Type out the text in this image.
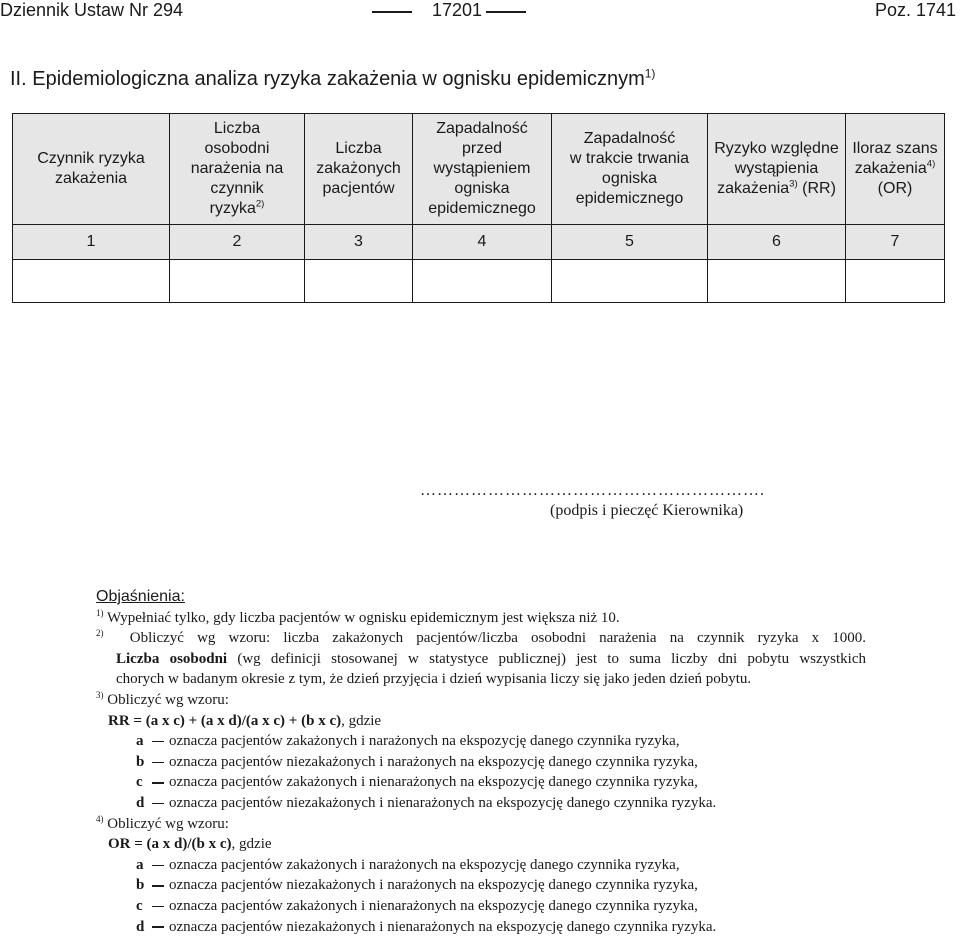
Dziennik Ustaw Nr 294	17201	Poz. 1741
II. Epidemiologiczna analiza ryzyka zakażenia w ognisku epidemicznym$^{1)}$
Czynnik ryzyka
zakażenia	Liczba
osobodni
narażenia na
czynnik
ryzyka$^{2)}$	Liczba
zakażonych
pacjentów	Zapadalność
przed
wystąpieniem
ogniska
epidemicznego	Zapadalność
w trakcie trwania
ogniska
epidemicznego	Ryzyko względne
wystąpienia
zakażenia$^{3)}$ (RR)	Iloraz szans
zakażenia$^{4)}$
(OR)
1	2	3	4	5	6	7

…………………………………………………….
(podpis i pieczęć Kierownika)
Objaśnienia:
$^{1)}$ Wypełniać tylko, gdy liczba pacjentów w ognisku epidemicznym jest większa niż 10.
$^{2)}$ Obliczyć wg wzoru: liczba zakażonych pacjentów/liczba osobodni narażenia na czynnik ryzyka x 1000.
Liczba osobodni (wg definicji stosowanej w statystyce publicznej) jest to suma liczby dni pobytu wszystkich
chorych w badanym okresie z tym, że dzień przyjęcia i dzień wypisania liczy się jako jeden dzień pobytu.
$^{3)}$ Obliczyć wg wzoru:
RR = (a x c) + (a x d)/(a x c) + (b x c), gdzie
a oznacza pacjentów zakażonych i narażonych na ekspozycję danego czynnika ryzyka,
b oznacza pacjentów niezakażonych i narażonych na ekspozycję danego czynnika ryzyka,
c oznacza pacjentów zakażonych i nienarażonych na ekspozycję danego czynnika ryzyka,
d oznacza pacjentów niezakażonych i nienarażonych na ekspozycję danego czynnika ryzyka.
$^{4)}$ Obliczyć wg wzoru:
OR = (a x d)/(b x c), gdzie
a oznacza pacjentów zakażonych i narażonych na ekspozycję danego czynnika ryzyka,
b oznacza pacjentów niezakażonych i narażonych na ekspozycję danego czynnika ryzyka,
c oznacza pacjentów zakażonych i nienarażonych na ekspozycję danego czynnika ryzyka,
d oznacza pacjentów niezakażonych i nienarażonych na ekspozycję danego czynnika ryzyka.
